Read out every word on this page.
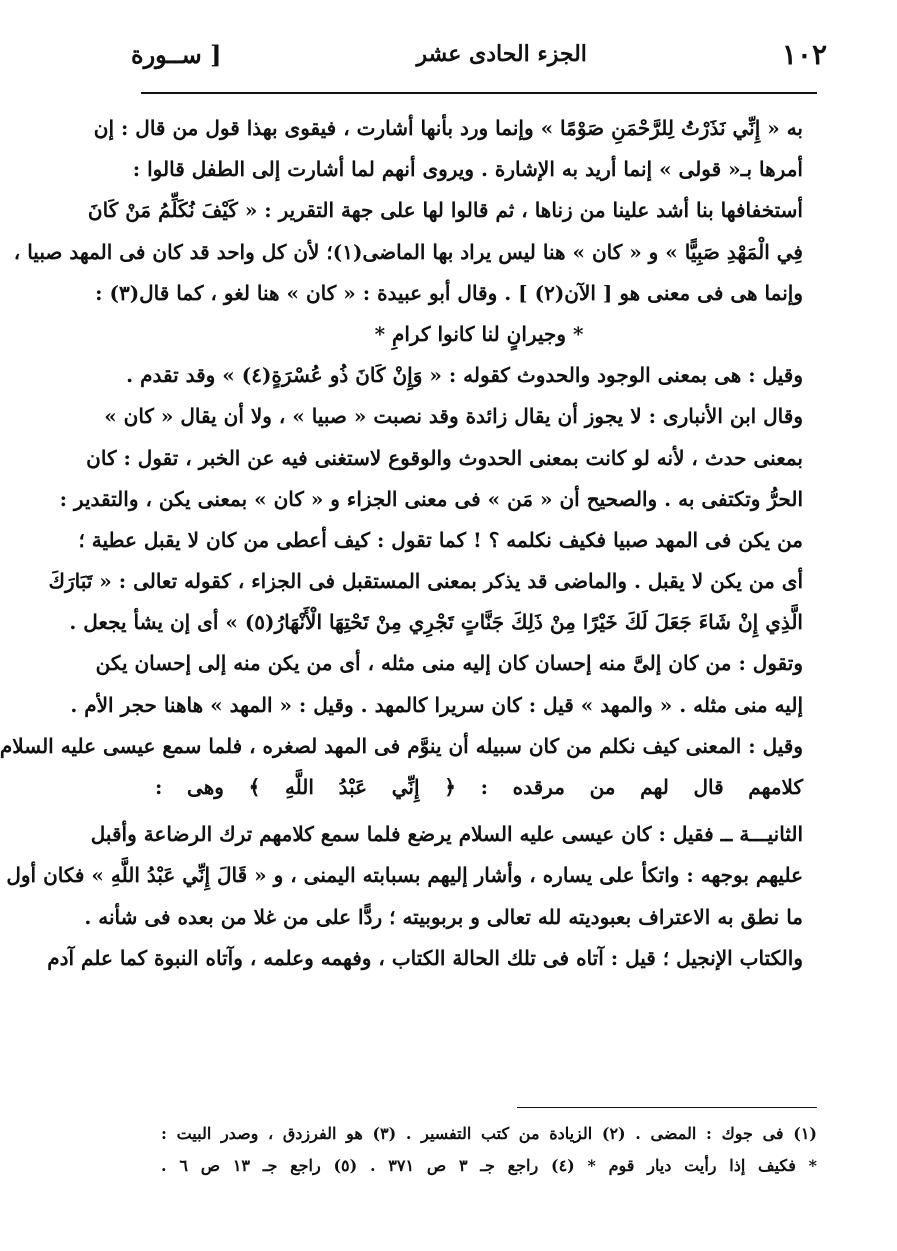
١٠٢
الجزء الحادى عشر
[ ســورة
به « إِنِّي نَذَرْتُ لِلرَّحْمَنِ صَوْمًا » وإنما ورد بأنها أشارت ، فيقوى بهذا قول من قال : إن
أمرها بـ« قولى » إنما أريد به الإشارة . ويروى أنهم لما أشارت إلى الطفل قالوا :
أستخفافها بنا أشد علينا من زناها ، ثم قالوا لها على جهة التقرير : « كَيْفَ نُكَلِّمُ مَنْ كَانَ
فِي الْمَهْدِ صَبِيًّا » و « كان » هنا ليس يراد بها الماضى(١)؛ لأن كل واحد قد كان فى المهد صبيا ،
وإنما هى فى معنى هو [ الآن(٢) ] . وقال أبو عبيدة : « كان » هنا لغو ، كما قال(٣) :
* وجيرانٍ لنا كانوا كرامِ *
وقيل : هى بمعنى الوجود والحدوث كقوله : « وَإِنْ كَانَ ذُو عُسْرَةٍ(٤) » وقد تقدم .
وقال ابن الأنبارى : لا يجوز أن يقال زائدة وقد نصبت « صبيا » ، ولا أن يقال « كان »
بمعنى حدث ، لأنه لو كانت بمعنى الحدوث والوقوع لاستغنى فيه عن الخبر ، تقول : كان
الحرُّ وتكتفى به . والصحيح أن « مَن » فى معنى الجزاء و « كان » بمعنى يكن ، والتقدير :
من يكن فى المهد صبيا فكيف نكلمه ؟ ! كما تقول : كيف أعطى من كان لا يقبل عطية ؛
أى من يكن لا يقبل . والماضى قد يذكر بمعنى المستقبل فى الجزاء ، كقوله تعالى : « تَبَارَكَ
الَّذِي إِنْ شَاءَ جَعَلَ لَكَ خَيْرًا مِنْ ذَلِكَ جَنَّاتٍ تَجْرِي مِنْ تَحْتِهَا الْأَنْهَارُ(٥) » أى إن يشأ يجعل .
وتقول : من كان إلىَّ منه إحسان كان إليه منى مثله ، أى من يكن منه إلى إحسان يكن
إليه منى مثله . « والمهد » قيل : كان سريرا كالمهد . وقيل : « المهد » هاهنا حجر الأم .
وقيل : المعنى كيف نكلم من كان سبيله أن ينوَّم فى المهد لصغره ، فلما سمع عيسى عليه السلام
كلامهم قال لهم من مرقده : ﴿ إِنِّي عَبْدُ اللَّهِ ﴾ وهى :
الثانيـــة ــ فقيل : كان عيسى عليه السلام يرضع فلما سمع كلامهم ترك الرضاعة وأقبل
عليهم بوجهه : واتكأ على يساره ، وأشار إليهم بسبابته اليمنى ، و « قَالَ إِنِّي عَبْدُ اللَّهِ » فكان أول
ما نطق به الاعتراف بعبوديته لله تعالى و بربوبيته ؛ ردًّا على من غلا من بعده فى شأنه .
والكتاب الإنجيل ؛ قيل : آتاه فى تلك الحالة الكتاب ، وفهمه وعلمه ، وآتاه النبوة كما علم آدم
(١) فى جوك : المضى . (٢) الزيادة من كتب التفسير . (٣) هو الفرزدق ، وصدر البيت :
* فكيف إذا رأيت ديار قوم * (٤) راجع جـ ٣ ص ٣٧١ . (٥) راجع جـ ١٣ ص ٦ .
